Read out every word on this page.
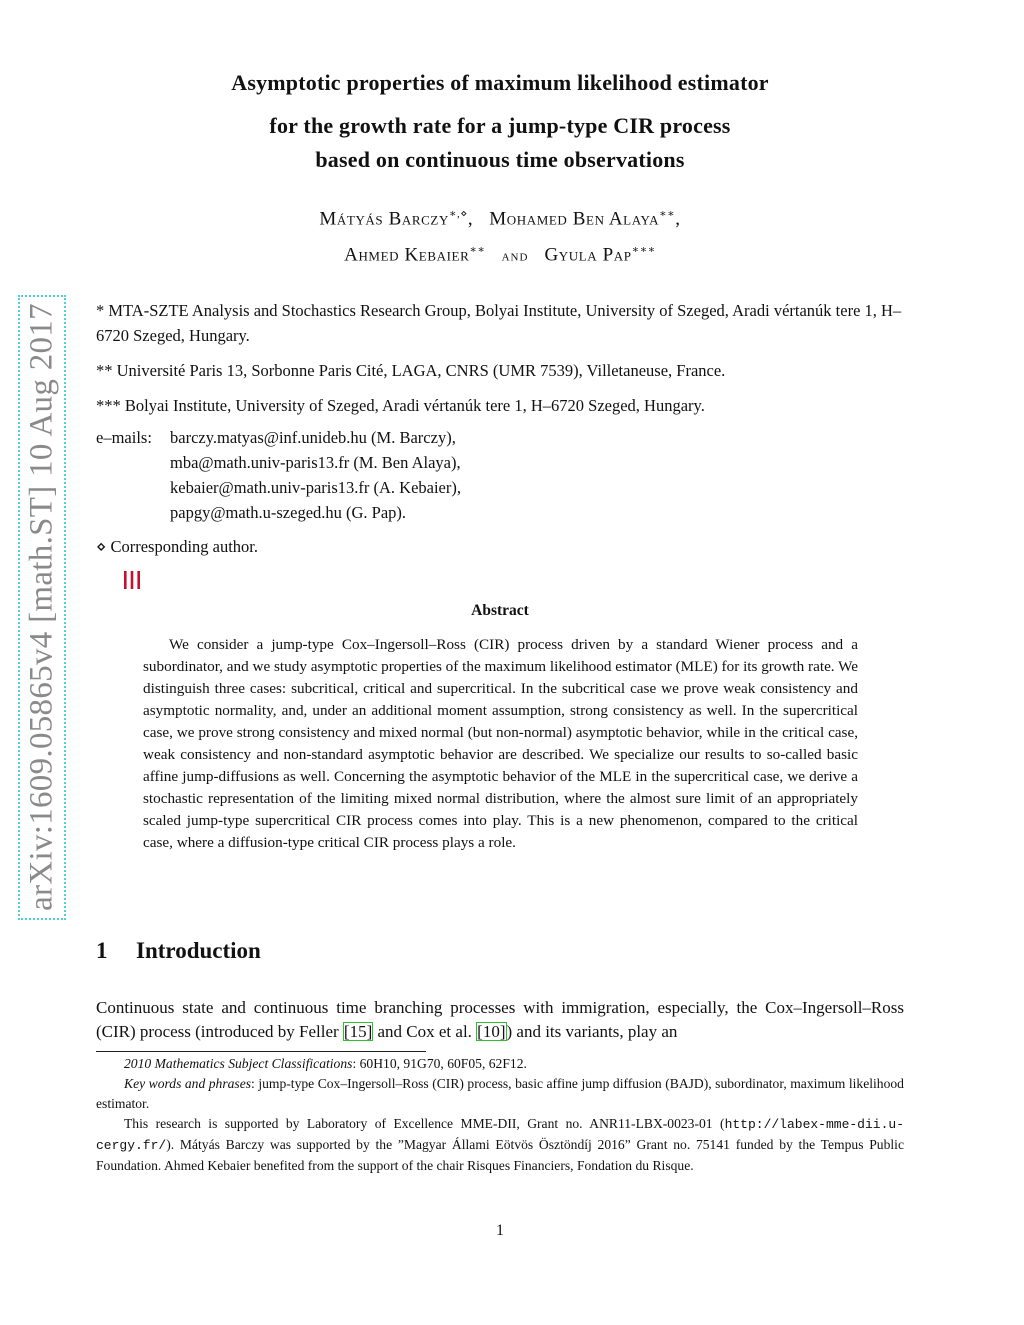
arXiv:1609.05865v4 [math.ST] 10 Aug 2017
Asymptotic properties of maximum likelihood estimator
for the growth rate for a jump-type CIR process
based on continuous time observations
Mátyás Barczy∗,⋄,   Mohamed Ben Alaya∗∗,
Ahmed Kebaier∗∗ and Gyula Pap∗∗∗
* MTA-SZTE Analysis and Stochastics Research Group, Bolyai Institute, University of Szeged, Aradi vértanúk tere 1, H–6720 Szeged, Hungary.
** Université Paris 13, Sorbonne Paris Cité, LAGA, CNRS (UMR 7539), Villetaneuse, France.
*** Bolyai Institute, University of Szeged, Aradi vértanúk tere 1, H–6720 Szeged, Hungary.
e–mails: barczy.matyas@inf.unideb.hu (M. Barczy),
mba@math.univ-paris13.fr (M. Ben Alaya),
kebaier@math.univ-paris13.fr (A. Kebaier),
papgy@math.u-szeged.hu (G. Pap).
⋄ Corresponding author.
Abstract
We consider a jump-type Cox–Ingersoll–Ross (CIR) process driven by a standard Wiener process and a subordinator, and we study asymptotic properties of the maximum likelihood estimator (MLE) for its growth rate. We distinguish three cases: subcritical, critical and supercritical. In the subcritical case we prove weak consistency and asymptotic normality, and, under an additional moment assumption, strong consistency as well. In the supercritical case, we prove strong consistency and mixed normal (but non-normal) asymptotic behavior, while in the critical case, weak consistency and non-standard asymptotic behavior are described. We specialize our results to so-called basic affine jump-diffusions as well. Concerning the asymptotic behavior of the MLE in the supercritical case, we derive a stochastic representation of the limiting mixed normal distribution, where the almost sure limit of an appropriately scaled jump-type supercritical CIR process comes into play. This is a new phenomenon, compared to the critical case, where a diffusion-type critical CIR process plays a role.
1 Introduction
Continuous state and continuous time branching processes with immigration, especially, the Cox–Ingersoll–Ross (CIR) process (introduced by Feller [15] and Cox et al. [10]) and its variants, play an
2010 Mathematics Subject Classifications: 60H10, 91G70, 60F05, 62F12.
Key words and phrases: jump-type Cox–Ingersoll–Ross (CIR) process, basic affine jump diffusion (BAJD), subordinator, maximum likelihood estimator.
This research is supported by Laboratory of Excellence MME-DII, Grant no. ANR11-LBX-0023-01 (http://labex-mme-dii.u-cergy.fr/). Mátyás Barczy was supported by the ”Magyar Állami Eötvös Ösztöndíj 2016” Grant no. 75141 funded by the Tempus Public Foundation. Ahmed Kebaier benefited from the support of the chair Risques Financiers, Fondation du Risque.
1
